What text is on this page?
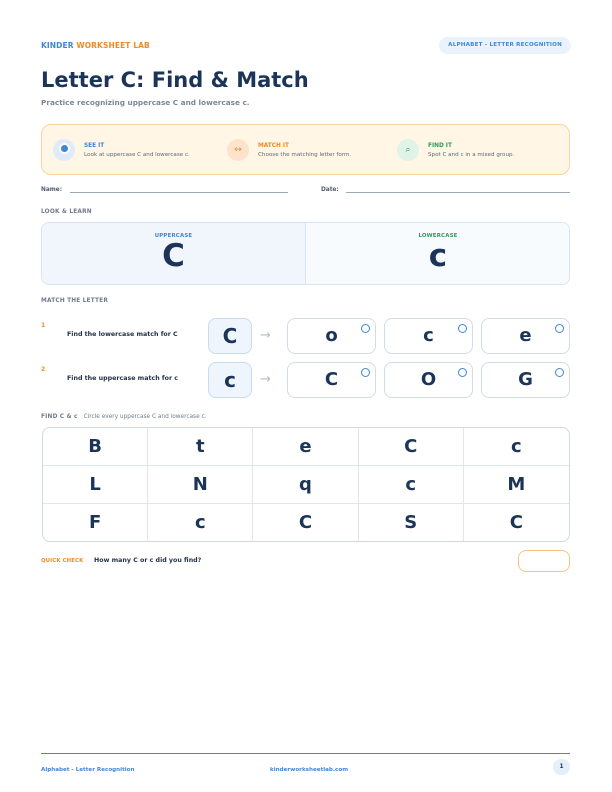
KINDER WORKSHEET LAB	ALPHABET - LETTER RECOGNITION
Letter C: Find & Match
Practice recognizing uppercase C and lowercase c.
SEE IT
Look at uppercase C and lowercase c.	↔	MATCH IT
Choose the matching letter form.	⌕	FIND IT
Spot C and c in a mixed group.
Name:	Date:
LOOK & LEARN
UPPERCASE
C
LOWERCASE
c
MATCH THE LETTER
1
Find the lowercase match for C	C	→	o	c	e
2
Find the uppercase match for c	c	→	C	O	G
FIND C & c Circle every uppercase C and lowercase c.
B	t	e	C	c
L	N	q	c	M
F	c	C	S	C
QUICK CHECK How many C or c did you find?
Alphabet - Letter Recognition	kinderworksheetlab.com	1
